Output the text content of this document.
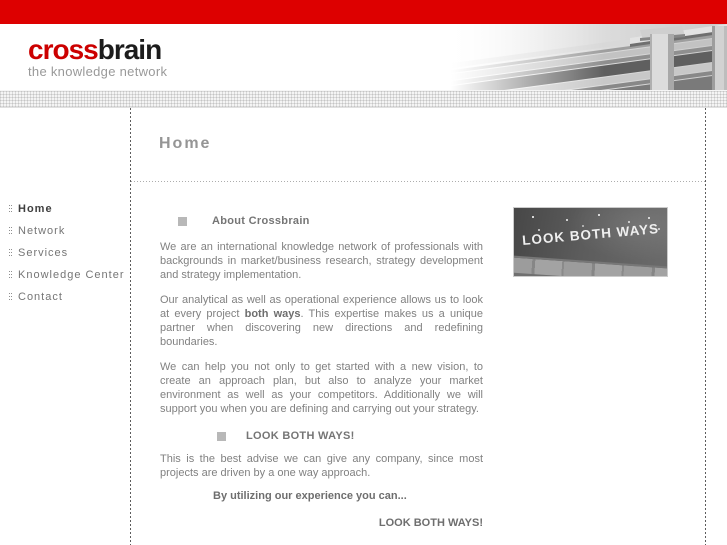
crossbrain
the knowledge network
Home
Home
Network
Services
Knowledge Center
Contact
About Crossbrain

We are an international knowledge network of professionals with backgrounds in market/business research, strategy development and strategy implementation.

Our analytical as well as operational experience allows us to look at every project both ways. This expertise makes us a unique partner when discovering new directions and redefining boundaries.

We can help you not only to get started with a new vision, to create an approach plan, but also to analyze your market environment as well as your competitors. Additionally we will support you when you are defining and carrying out your strategy.

LOOK BOTH WAYS!

This is the best advise we can give any company, since most projects are driven by a one way approach.

By utilizing our experience you can...
LOOK BOTH WAYS!
LOOK BOTH WAYS
